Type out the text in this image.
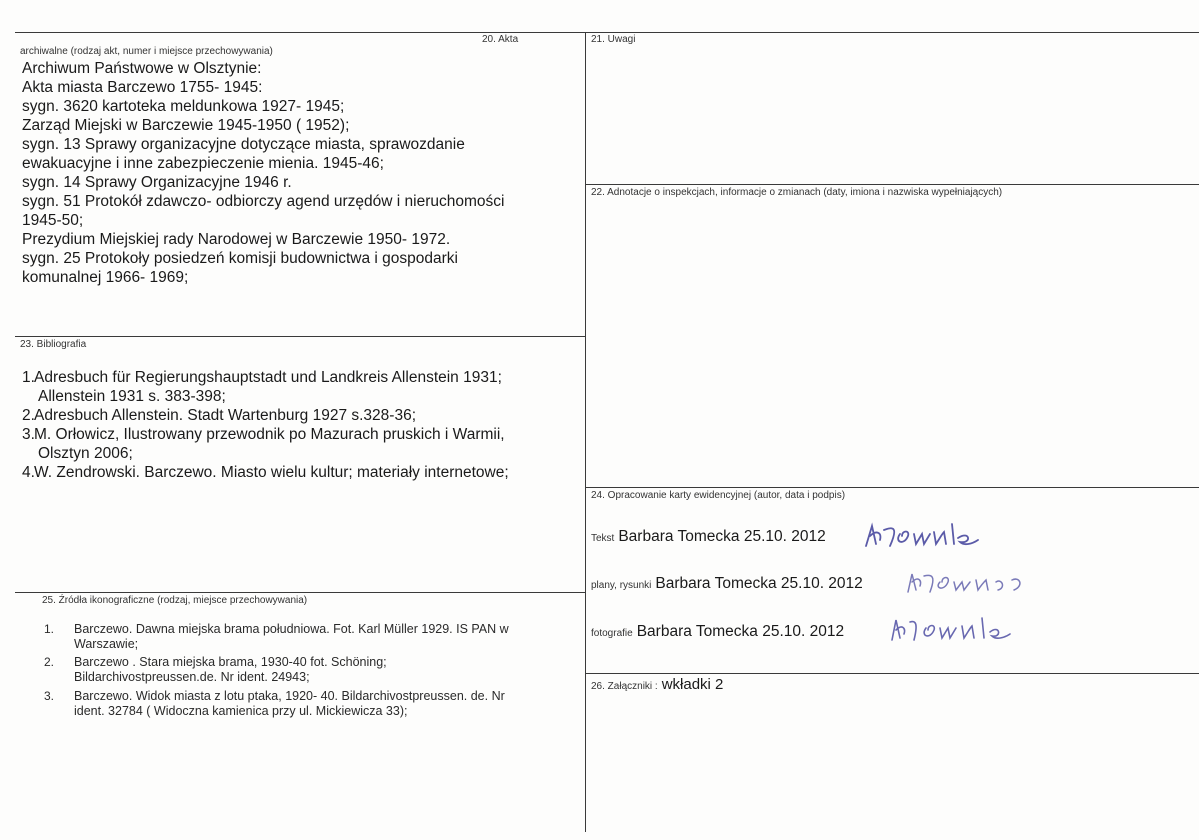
20. Akta
archiwalne (rodzaj akt, numer i miejsce przechowywania)
Archiwum Państwowe w Olsztynie:
Akta miasta Barczewo 1755- 1945:
sygn. 3620 kartoteka meldunkowa 1927- 1945;
Zarząd Miejski w Barczewie 1945-1950 ( 1952);
sygn. 13 Sprawy organizacyjne dotyczące miasta, sprawozdanie
ewakuacyjne i inne zabezpieczenie mienia. 1945-46;
sygn. 14 Sprawy Organizacyjne 1946 r.
sygn. 51 Protokół zdawczo- odbiorczy agend urzędów i nieruchomości
1945-50;
Prezydium Miejskiej rady Narodowej w Barczewie 1950- 1972.
sygn. 25 Protokoły posiedzeń komisji budownictwa i gospodarki
komunalnej 1966- 1969;
21. Uwagi
22. Adnotacje o inspekcjach, informacje o zmianach (daty, imiona i nazwiska wypełniających)
23. Bibliografia
1.Adresbuch für Regierungshauptstadt und Landkreis Allenstein 1931;
Allenstein 1931 s. 383-398;
2.Adresbuch Allenstein. Stadt Wartenburg 1927 s.328-36;
3.M. Orłowicz, Ilustrowany przewodnik po Mazurach pruskich i Warmii,
Olsztyn 2006;
4.W. Zendrowski. Barczewo. Miasto wielu kultur; materiały internetowe;
24. Opracowanie karty ewidencyjnej (autor, data i podpis)
Tekst Barbara Tomecka 25.10. 2012
plany, rysunki Barbara Tomecka 25.10. 2012
fotografie Barbara Tomecka 25.10. 2012
25. Źródła ikonograficzne (rodzaj, miejsce przechowywania)
1. Barczewo. Dawna miejska brama południowa. Fot. Karl Müller 1929. IS PAN w
Warszawie;
2. Barczewo . Stara miejska brama, 1930-40 fot. Schöning;
Bildarchivostpreussen.de. Nr ident. 24943;
3. Barczewo. Widok miasta z lotu ptaka, 1920- 40. Bildarchivostpreussen. de. Nr
ident. 32784 ( Widoczna kamienica przy ul. Mickiewicza 33);
26. Załączniki : wkładki 2
